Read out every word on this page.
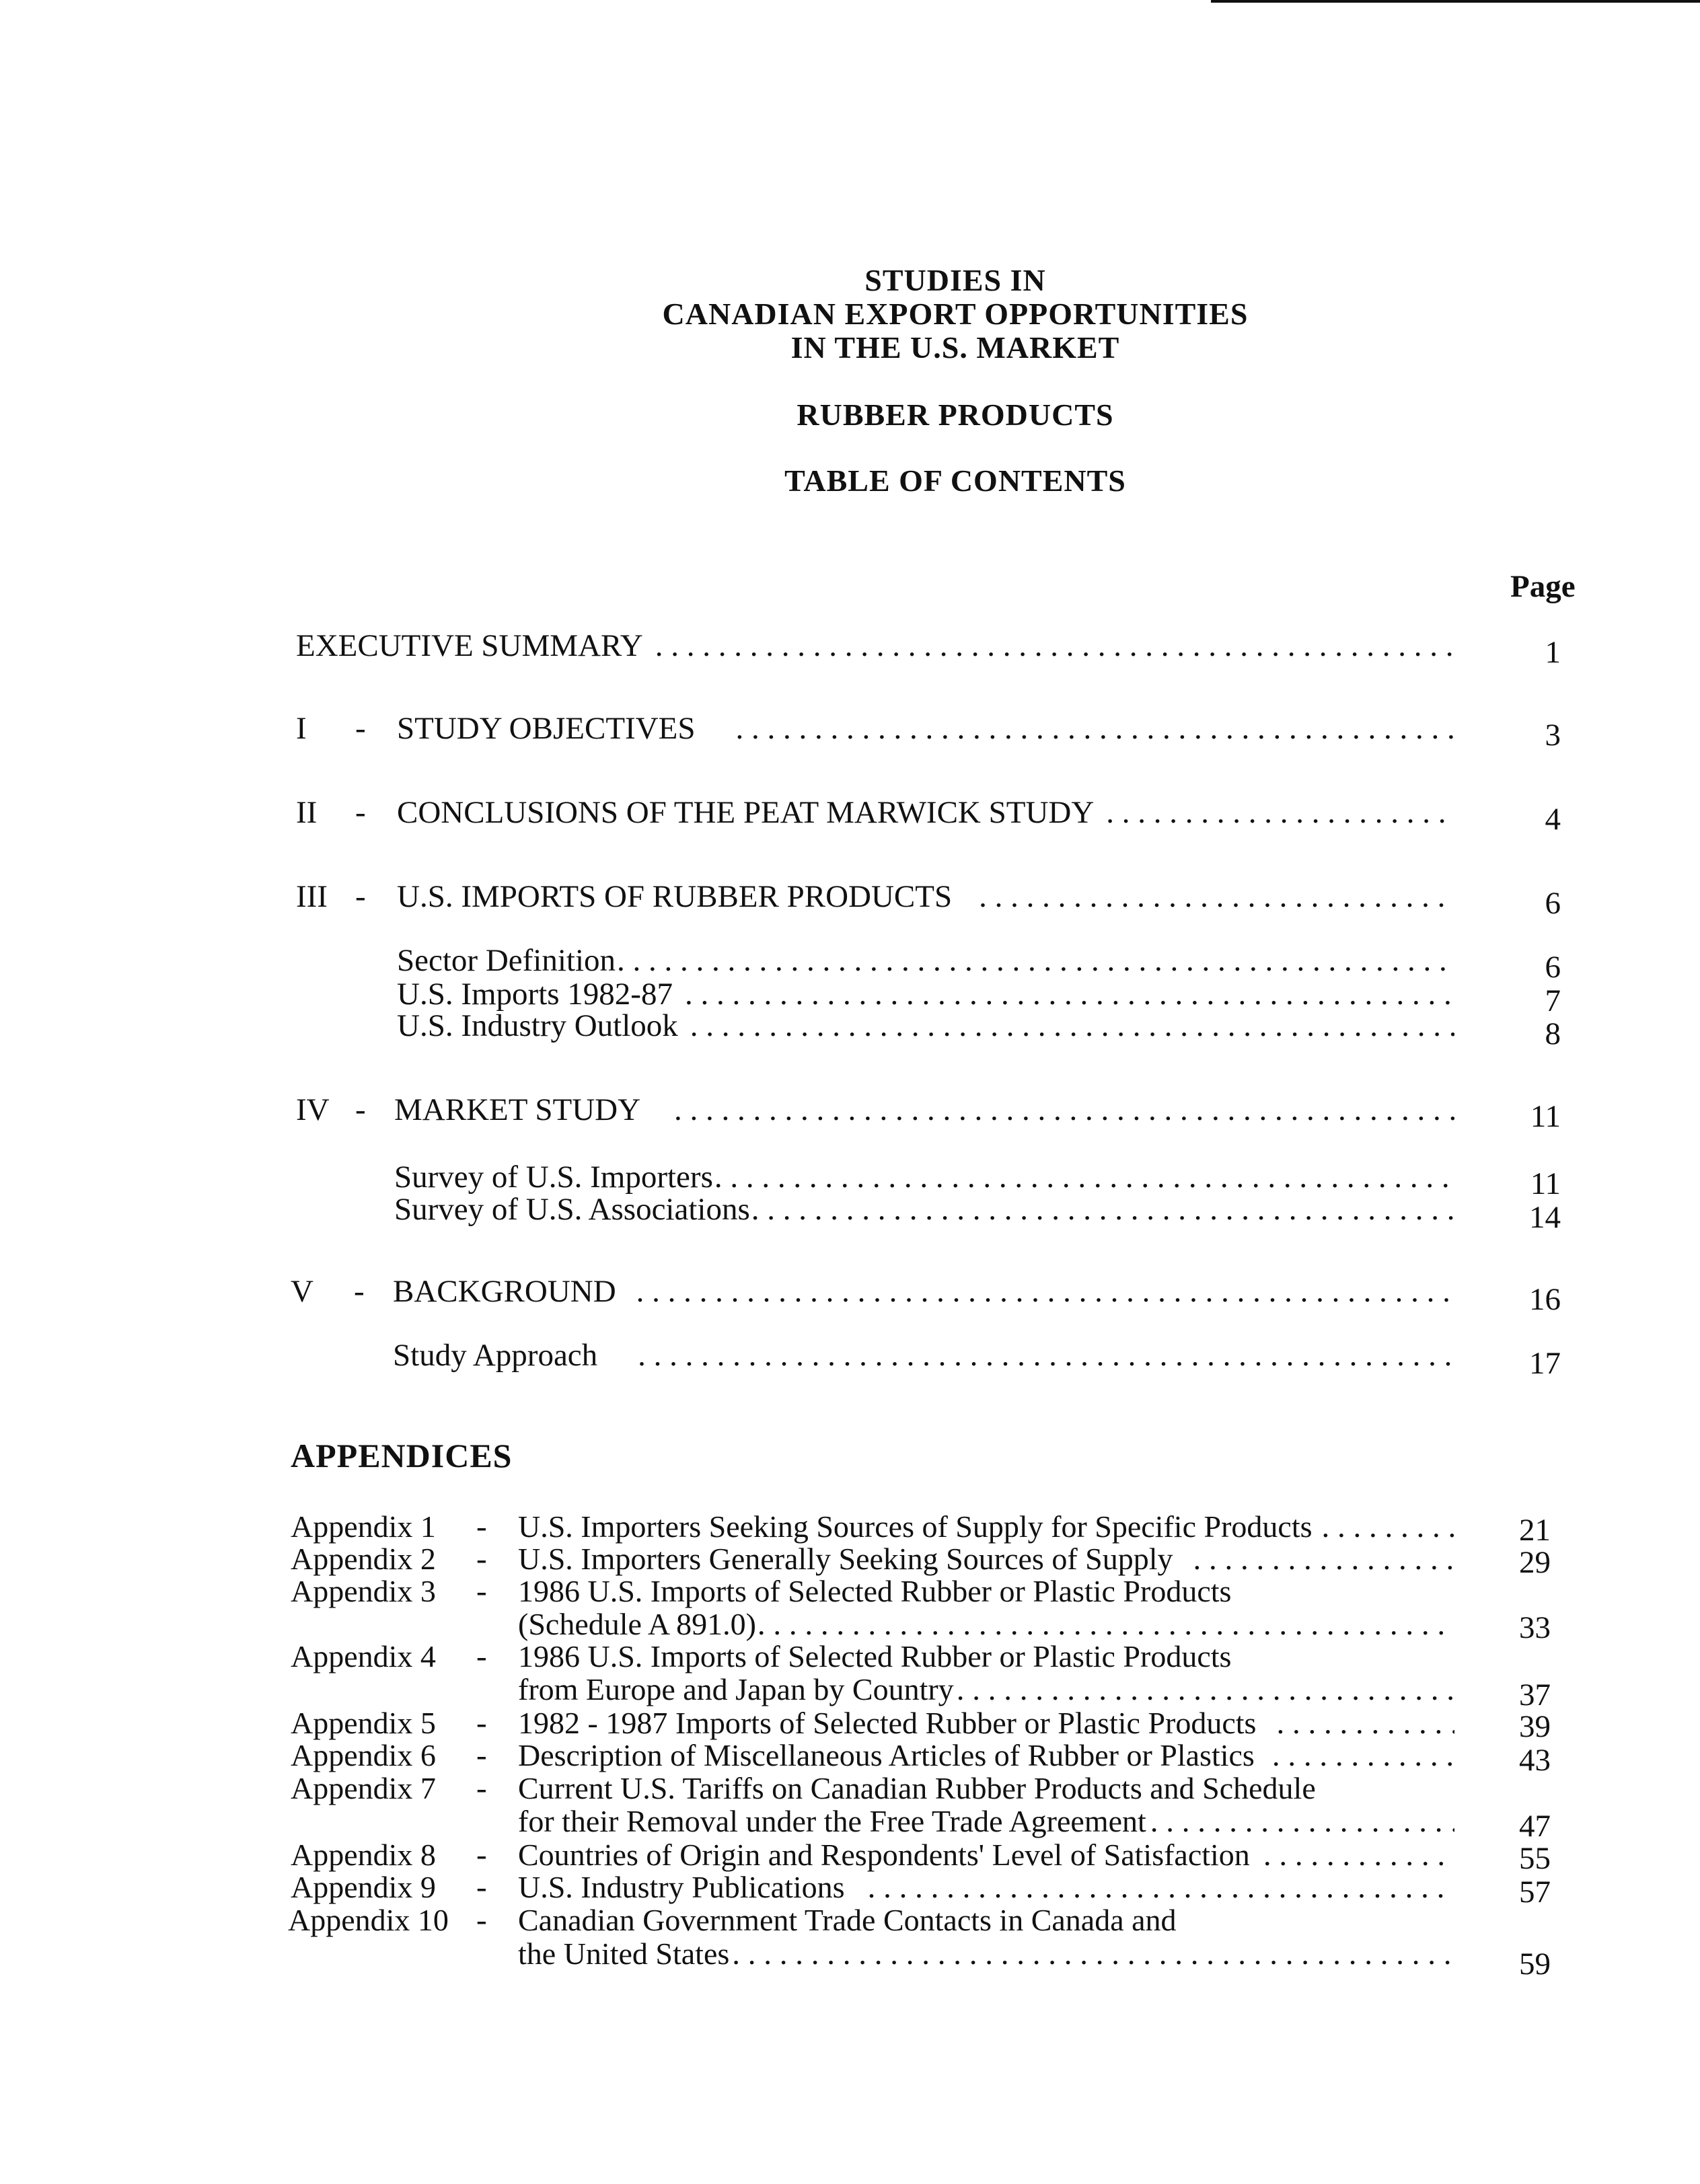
STUDIES IN
CANADIAN EXPORT OPPORTUNITIES
IN THE U.S. MARKET
RUBBER PRODUCTS
TABLE OF CONTENTS
Page
EXECUTIVE SUMMARY . . .	1
I - STUDY OBJECTIVES . . .	3
II - CONCLUSIONS OF THE PEAT MARWICK STUDY . . .	4
III - U.S. IMPORTS OF RUBBER PRODUCTS . . .	6
Sector Definition . . .	6
U.S. Imports 1982-87 . . .	7
U.S. Industry Outlook . . .	8
IV - MARKET STUDY . . .	11
Survey of U.S. Importers . . .	11
Survey of U.S. Associations . . .	14
V - BACKGROUND . . .	16
Study Approach . . .	17
APPENDICES
Appendix 1 - U.S. Importers Seeking Sources of Supply for Specific Products . . .	21
Appendix 2 - U.S. Importers Generally Seeking Sources of Supply . . .	29
Appendix 3 - 1986 U.S. Imports of Selected Rubber or Plastic Products
(Schedule A 891.0) . . .	33
Appendix 4 - 1986 U.S. Imports of Selected Rubber or Plastic Products
from Europe and Japan by Country . . .	37
Appendix 5 - 1982 - 1987 Imports of Selected Rubber or Plastic Products . . .	39
Appendix 6 - Description of Miscellaneous Articles of Rubber or Plastics . . .	43
Appendix 7 - Current U.S. Tariffs on Canadian Rubber Products and Schedule
for their Removal under the Free Trade Agreement . . .	47
Appendix 8 - Countries of Origin and Respondents' Level of Satisfaction . . .	55
Appendix 9 - U.S. Industry Publications . . .	57
Appendix 10 - Canadian Government Trade Contacts in Canada and
the United States . . .	59
